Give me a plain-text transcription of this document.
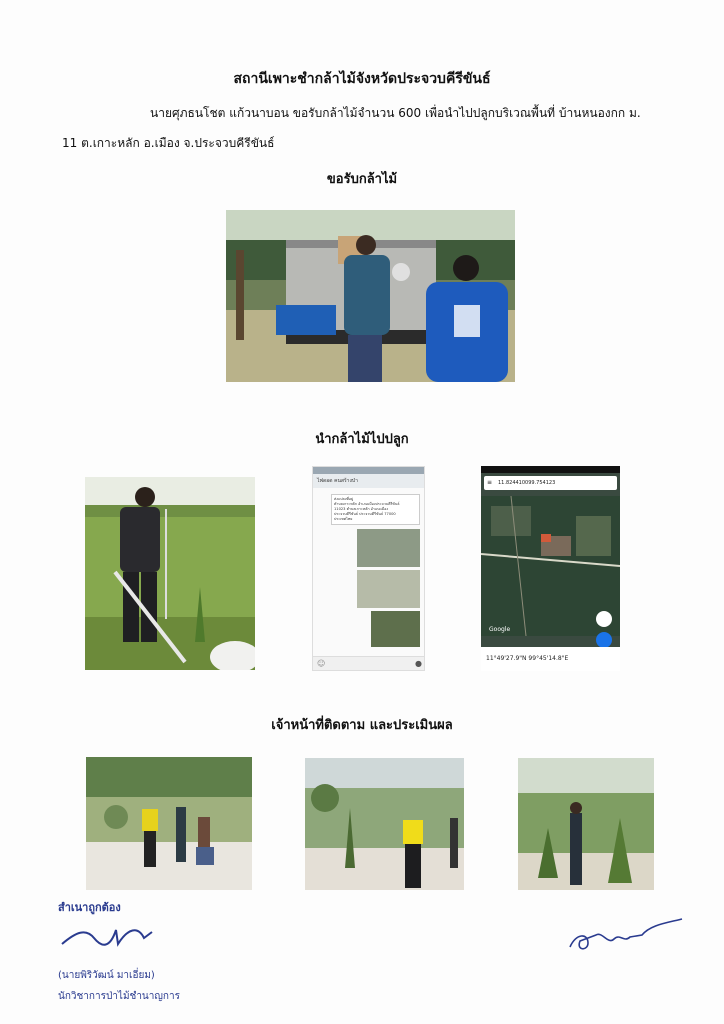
สถานีเพาะชำกล้าไม้จังหวัดประจวบคีรีขันธ์
นายศุภธนโชต แก้วนาบอน ขอรับกล้าไม้จำนวน 600 เพื่อนำไปปลูกบริเวณพื้นที่ บ้านหนองกก ม.
11 ต.เกาะหลัก อ.เมือง จ.ประจวบคีรีขันธ์
ขอรับกล้าไม้
นำกล้าไม้ไปปลูก
ไฟดอด คนสร้างป่า
ส่งแปลงที่อยู่
ตำบลเกาะหลัก อำเภอเมืองประจวบคีรีขันธ์
11023 ตำบลเกาะหลัก อำเภอเมือง
ประจวบคีรีขันธ์ ประจวบคีรีขันธ์ 77000
ประเทศไทย
☺	●
≡ 11.824410099.754123
Google
11°49'27.9"N 99°45'14.8"E
เจ้าหน้าที่ติดตาม และประเมินผล
สำเนาถูกต้อง
(นายพิริวัฒน์ มาเอี่ยม)
นักวิชาการป่าไม้ชำนาญการ
